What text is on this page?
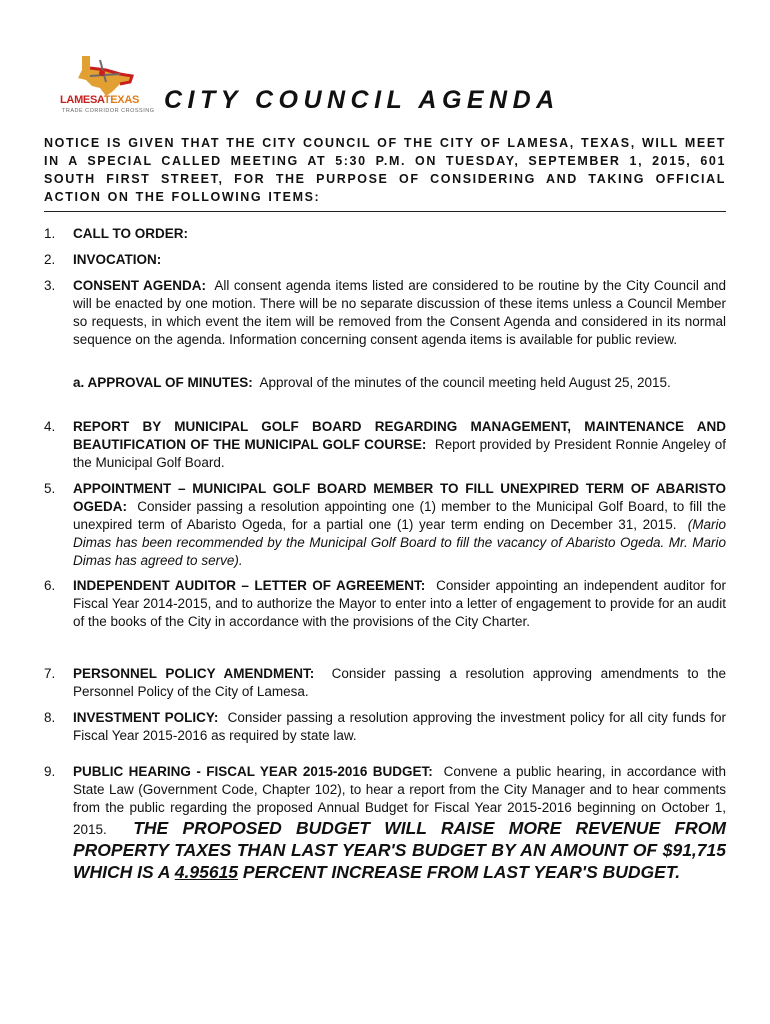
LAMESATEXAS
TRADE CORRIDOR CROSSING CITY COUNCIL AGENDA
NOTICE IS GIVEN THAT THE CITY COUNCIL OF THE CITY OF LAMESA, TEXAS, WILL MEET IN A SPECIAL CALLED MEETING AT 5:30 P.M. ON TUESDAY, SEPTEMBER 1, 2015, 601 SOUTH FIRST STREET, FOR THE PURPOSE OF CONSIDERING AND TAKING OFFICIAL ACTION ON THE FOLLOWING ITEMS:
1.	CALL TO ORDER:
2.	INVOCATION:
3.	CONSENT AGENDA: All consent agenda items listed are considered to be routine by the City Council and will be enacted by one motion. There will be no separate discussion of these items unless a Council Member so requests, in which event the item will be removed from the Consent Agenda and considered in its normal sequence on the agenda. Information concerning consent agenda items is available for public review.
a. APPROVAL OF MINUTES: Approval of the minutes of the council meeting held August 25, 2015.
4.	REPORT BY MUNICIPAL GOLF BOARD REGARDING MANAGEMENT, MAINTENANCE AND BEAUTIFICATION OF THE MUNICIPAL GOLF COURSE: Report provided by President Ronnie Angeley of the Municipal Golf Board.
5.	APPOINTMENT – MUNICIPAL GOLF BOARD MEMBER TO FILL UNEXPIRED TERM OF ABARISTO OGEDA: Consider passing a resolution appointing one (1) member to the Municipal Golf Board, to fill the unexpired term of Abaristo Ogeda, for a partial one (1) year term ending on December 31, 2015. (Mario Dimas has been recommended by the Municipal Golf Board to fill the vacancy of Abaristo Ogeda. Mr. Mario Dimas has agreed to serve).
6.	INDEPENDENT AUDITOR – LETTER OF AGREEMENT: Consider appointing an independent auditor for Fiscal Year 2014-2015, and to authorize the Mayor to enter into a letter of engagement to provide for an audit of the books of the City in accordance with the provisions of the City Charter.
7.	PERSONNEL POLICY AMENDMENT: Consider passing a resolution approving amendments to the Personnel Policy of the City of Lamesa.
8.	INVESTMENT POLICY: Consider passing a resolution approving the investment policy for all city funds for Fiscal Year 2015-2016 as required by state law.
9.	PUBLIC HEARING - FISCAL YEAR 2015-2016 BUDGET: Convene a public hearing, in accordance with State Law (Government Code, Chapter 102), to hear a report from the City Manager and to hear comments from the public regarding the proposed Annual Budget for Fiscal Year 2015-2016 beginning on October 1, 2015. THE PROPOSED BUDGET WILL RAISE MORE REVENUE FROM PROPERTY TAXES THAN LAST YEAR'S BUDGET BY AN AMOUNT OF $91,715 WHICH IS A 4.95615 PERCENT INCREASE FROM LAST YEAR'S BUDGET.
